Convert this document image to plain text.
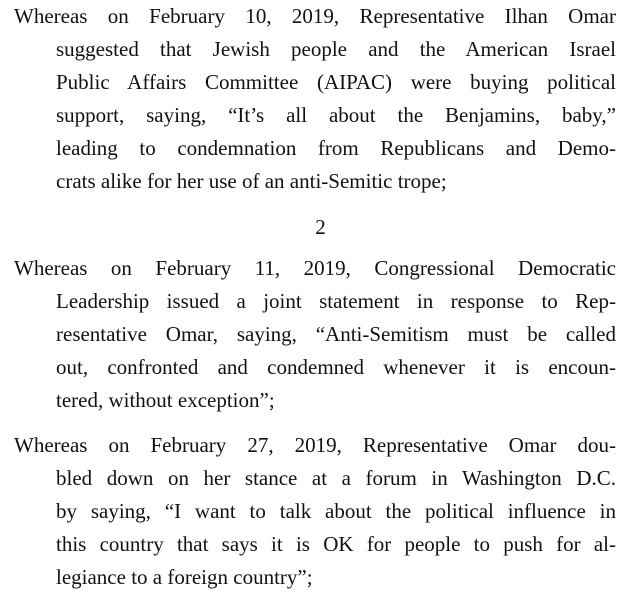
Whereas on February 10, 2019, Representative Ilhan Omar
suggested that Jewish people and the American Israel
Public Affairs Committee (AIPAC) were buying political
support, saying, “It’s all about the Benjamins, baby,”
leading to condemnation from Republicans and Demo-
crats alike for her use of an anti-Semitic trope;
2
Whereas on February 11, 2019, Congressional Democratic
Leadership issued a joint statement in response to Rep-
resentative Omar, saying, “Anti-Semitism must be called
out, confronted and condemned whenever it is encoun-
tered, without exception”;
Whereas on February 27, 2019, Representative Omar dou-
bled down on her stance at a forum in Washington D.C.
by saying, “I want to talk about the political influence in
this country that says it is OK for people to push for al-
legiance to a foreign country”;
